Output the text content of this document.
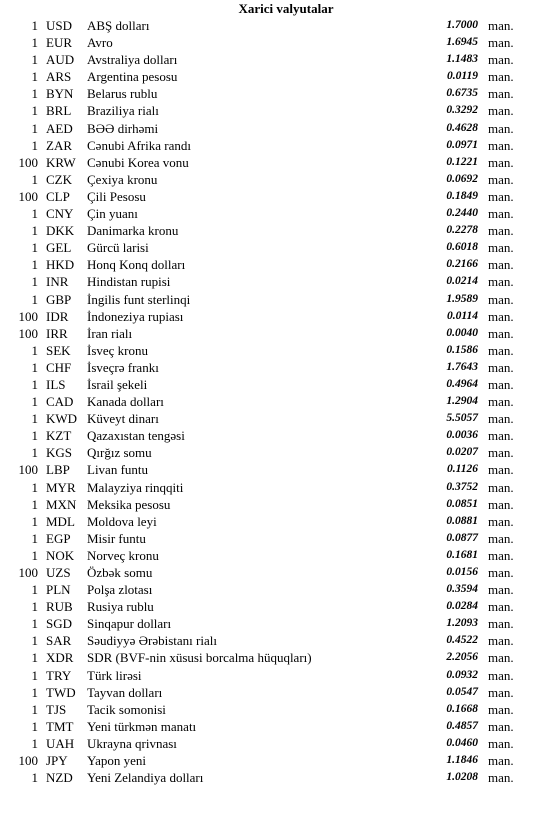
Xarici valyutalar
1 USD	ABŞ dolları	1.7000 man.
1 EUR	Avro	1.6945 man.
1 AUD Avstraliya dolları	1.1483 man.
1 ARS	Argentina pesosu	0.0119 man.
1 BYN	Belarus rublu	0.6735 man.
1 BRL	Braziliya rialı	0.3292 man.
1 AED	BƏƏ dirhəmi	0.4628 man.
1 ZAR	Cənubi Afrika randı	0.0971 man.
100 KRW Cənubi Korea vonu	0.1221 man.
1 CZK	Çexiya kronu	0.0692 man.
100 CLP	Çili Pesosu	0.1849 man.
1 CNY	Çin yuanı	0.2440 man.
1 DKK Danimarka kronu	0.2278 man.
1 GEL	Gürcü larisi	0.6018 man.
1 HKD Honq Konq dolları	0.2166 man.
1 INR	Hindistan rupisi	0.0214 man.
1 GBP	İngilis funt sterlinqi	1.9589 man.
100 IDR	İndoneziya rupiası	0.0114 man.
100 IRR	İran rialı	0.0040 man.
1 SEK	İsveç kronu	0.1586 man.
1 CHF	İsveçrə frankı	1.7643 man.
1 ILS	İsrail şekeli	0.4964 man.
1 CAD	Kanada dolları	1.2904 man.
1 KWD Küveyt dinarı	5.5057 man.
1 KZT	Qazaxıstan tengəsi	0.0036 man.
1 KGS	Qırğız somu	0.0207 man.
100 LBP	Livan funtu	0.1126 man.
1 MYR Malayziya rinqqiti	0.3752 man.
1 MXN Meksika pesosu	0.0851 man.
1 MDL Moldova leyi	0.0881 man.
1 EGP	Misir funtu	0.0877 man.
1 NOK Norveç kronu	0.1681 man.
100 UZS	Özbək somu	0.0156 man.
1 PLN	Polşa zlotası	0.3594 man.
1 RUB	Rusiya rublu	0.0284 man.
1 SGD	Sinqapur dolları	1.2093 man.
1 SAR	Səudiyyə Ərəbistanı rialı	0.4522 man.
1 XDR	SDR (BVF-nin xüsusi borcalma hüquqları)	2.2056 man.
1 TRY	Türk lirəsi	0.0932 man.
1 TWD Tayvan dolları	0.0547 man.
1 TJS	Tacik somonisi	0.1668 man.
1 TMT	Yeni türkmən manatı	0.4857 man.
1 UAH Ukrayna qrivnası	0.0460 man.
100 JPY	Yapon yeni	1.1846 man.
1 NZD	Yeni Zelandiya dolları	1.0208 man.
